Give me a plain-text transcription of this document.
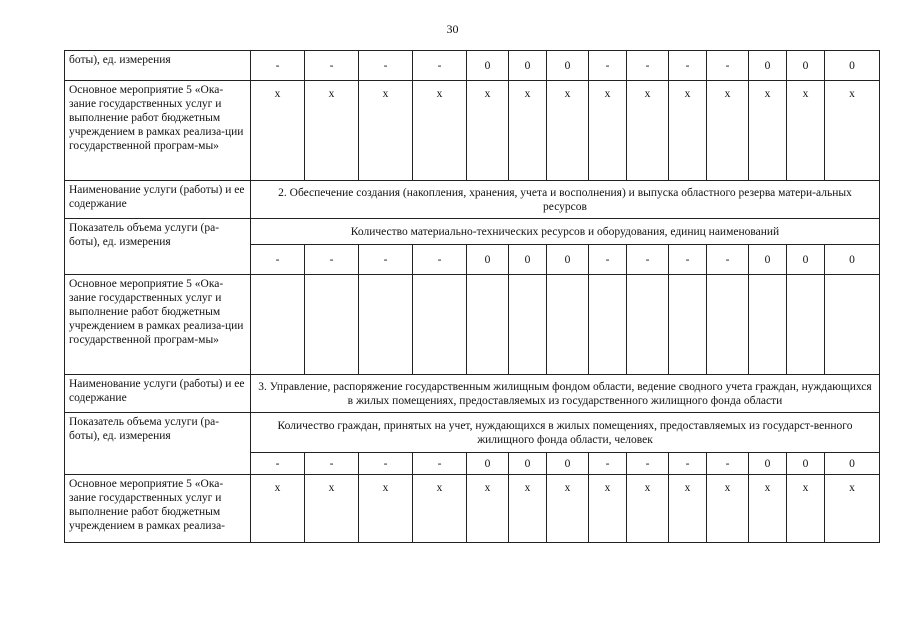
30
боты), ед. измерения	-	-	-	-	0	0	0	-	-	-	-	0	0	0
Основное мероприятие 5 «Ока-зание государственных услуг и выполнение работ бюджетным учреждением в рамках реализа-ции государственной програм-мы»	х	х	х	х	х	х	х	х	х	х	х	х	х	х
Наименование услуги (работы) и ее содержание	2. Обеспечение создания (накопления, хранения, учета и восполнения) и выпуска областного резерва матери-альных ресурсов													
Показатель объема услуги (ра-боты), ед. измерения	Количество материально-технических ресурсов и оборудования, единиц наименований													
	-	-	-	-	0	0	0	-	-	-	-	0	0	0
Основное мероприятие 5 «Ока-зание государственных услуг и выполнение работ бюджетным учреждением в рамках реализа-ции государственной програм-мы»														
Наименование услуги (работы) и ее содержание	3. Управление, распоряжение государственным жилищным фондом области, ведение сводного учета граждан, нуждающихся в жилых помещениях, предоставляемых из государственного жилищного фонда области													
Показатель объема услуги (ра-боты), ед. измерения	Количество граждан, принятых на учет, нуждающихся в жилых помещениях, предоставляемых из государст-венного жилищного фонда области, человек													
	-	-	-	-	0	0	0	-	-	-	-	0	0	0
Основное мероприятие 5 «Ока-зание государственных услуг и выполнение работ бюджетным учреждением в рамках реализа-	х	х	х	х	х	х	х	х	х	х	х	х	х	х
